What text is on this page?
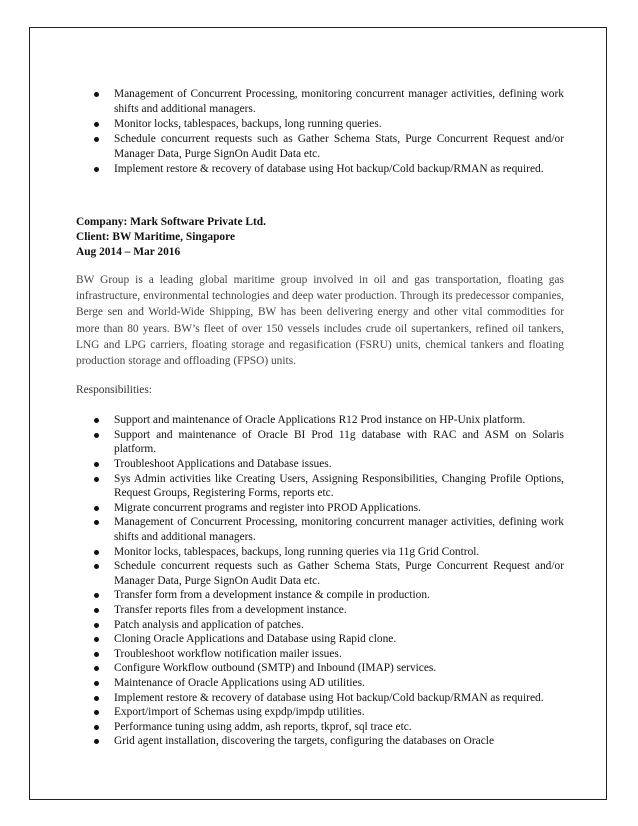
Management of Concurrent Processing, monitoring concurrent manager activities, defining work shifts and additional managers.
Monitor locks, tablespaces, backups, long running queries.
Schedule concurrent requests such as Gather Schema Stats, Purge Concurrent Request and/or Manager Data, Purge SignOn Audit Data etc.
Implement restore & recovery of database using Hot backup/Cold backup/RMAN as required.
Company: Mark Software Private Ltd.
Client: BW Maritime, Singapore
Aug 2014 – Mar 2016
BW Group is a leading global maritime group involved in oil and gas transportation, floating gas infrastructure, environmental technologies and deep water production. Through its predecessor companies, Berge sen and World-Wide Shipping, BW has been delivering energy and other vital commodities for more than 80 years. BW’s fleet of over 150 vessels includes crude oil supertankers, refined oil tankers, LNG and LPG carriers, floating storage and regasification (FSRU) units, chemical tankers and floating production storage and offloading (FPSO) units.
Responsibilities:
Support and maintenance of Oracle Applications R12 Prod instance on HP-Unix platform.
Support and maintenance of Oracle BI Prod 11g database with RAC and ASM on Solaris platform.
Troubleshoot Applications and Database issues.
Sys Admin activities like Creating Users, Assigning Responsibilities, Changing Profile Options, Request Groups, Registering Forms, reports etc.
Migrate concurrent programs and register into PROD Applications.
Management of Concurrent Processing, monitoring concurrent manager activities, defining work shifts and additional managers.
Monitor locks, tablespaces, backups, long running queries via 11g Grid Control.
Schedule concurrent requests such as Gather Schema Stats, Purge Concurrent Request and/or Manager Data, Purge SignOn Audit Data etc.
Transfer form from a development instance & compile in production.
Transfer reports files from a development instance.
Patch analysis and application of patches.
Cloning Oracle Applications and Database using Rapid clone.
Troubleshoot workflow notification mailer issues.
Configure Workflow outbound (SMTP) and Inbound (IMAP) services.
Maintenance of Oracle Applications using AD utilities.
Implement restore & recovery of database using Hot backup/Cold backup/RMAN as required.
Export/import of Schemas using expdp/impdp utilities.
Performance tuning using addm, ash reports, tkprof, sql trace etc.
Grid agent installation, discovering the targets, configuring the databases on Oracle
